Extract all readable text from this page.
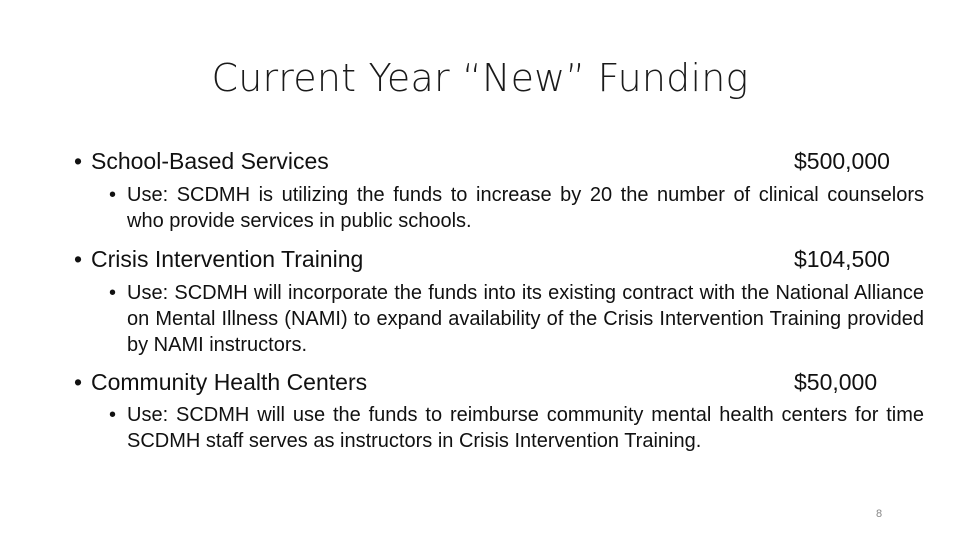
Current Year “New” Funding
• School-Based Services	$500,000
• Use: SCDMH is utilizing the funds to increase by 20 the number of clinical counselors who provide services in public schools.
• Crisis Intervention Training	$104,500
• Use: SCDMH will incorporate the funds into its existing contract with the National Alliance on Mental Illness (NAMI) to expand availability of the Crisis Intervention Training provided by NAMI instructors.
• Community Health Centers	$50,000
• Use: SCDMH will use the funds to reimburse community mental health centers for time SCDMH staff serves as instructors in Crisis Intervention Training.
8
